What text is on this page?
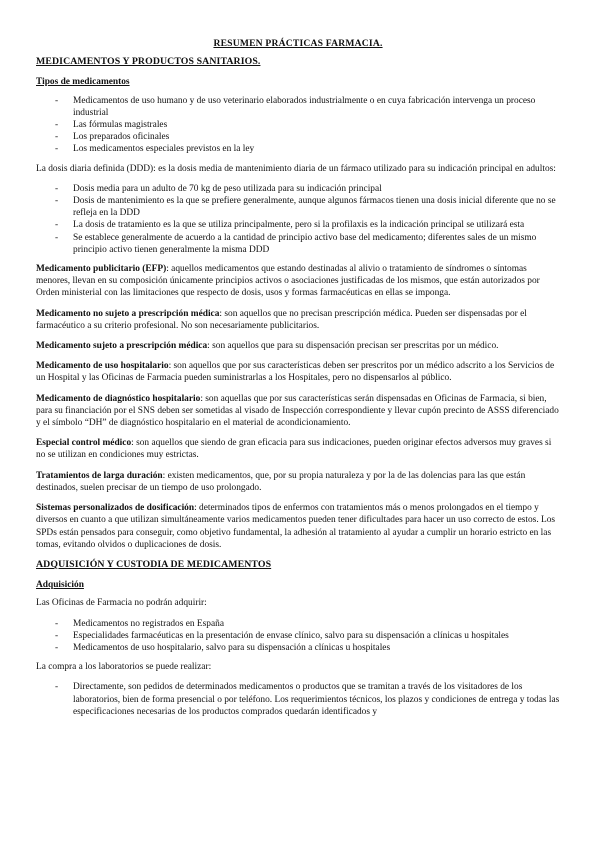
RESUMEN PRÁCTICAS FARMACIA.
MEDICAMENTOS Y PRODUCTOS SANITARIOS.
Tipos de medicamentos
- Medicamentos de uso humano y de uso veterinario elaborados industrialmente o en cuya fabricación intervenga un proceso industrial
- Las fórmulas magistrales
- Los preparados oficinales
- Los medicamentos especiales previstos en la ley

La dosis diaria definida (DDD): es la dosis media de mantenimiento diaria de un fármaco utilizado para su indicación principal en adultos:

- Dosis media para un adulto de 70 kg de peso utilizada para su indicación principal
- Dosis de mantenimiento es la que se prefiere generalmente, aunque algunos fármacos tienen una dosis inicial diferente que no se refleja en la DDD
- La dosis de tratamiento es la que se utiliza principalmente, pero si la profilaxis es la indicación principal se utilizará esta
- Se establece generalmente de acuerdo a la cantidad de principio activo base del medicamento; diferentes sales de un mismo principio activo tienen generalmente la misma DDD

Medicamento publicitario (EFP): aquellos medicamentos que estando destinadas al alivio o tratamiento de síndromes o síntomas menores, llevan en su composición únicamente principios activos o asociaciones justificadas de los mismos, que están autorizados por Orden ministerial con las limitaciones que respecto de dosis, usos y formas farmacéuticas en ellas se imponga.

Medicamento no sujeto a prescripción médica: son aquellos que no precisan prescripción médica. Pueden ser dispensadas por el farmacéutico a su criterio profesional. No son necesariamente publicitarios.

Medicamento sujeto a prescripción médica: son aquellos que para su dispensación precisan ser prescritas por un médico.

Medicamento de uso hospitalario: son aquellos que por sus características deben ser prescritos por un médico adscrito a los Servicios de un Hospital y las Oficinas de Farmacia pueden suministrarlas a los Hospitales, pero no dispensarlos al público.

Medicamento de diagnóstico hospitalario: son aquellas que por sus características serán dispensadas en Oficinas de Farmacia, si bien, para su financiación por el SNS deben ser sometidas al visado de Inspección correspondiente y llevar cupón precinto de ASSS diferenciado y el símbolo “DH” de diagnóstico hospitalario en el material de acondicionamiento.

Especial control médico: son aquellos que siendo de gran eficacia para sus indicaciones, pueden originar efectos adversos muy graves si no se utilizan en condiciones muy estrictas.

Tratamientos de larga duración: existen medicamentos, que, por su propia naturaleza y por la de las dolencias para las que están destinados, suelen precisar de un tiempo de uso prolongado.

Sistemas personalizados de dosificación: determinados tipos de enfermos con tratamientos más o menos prolongados en el tiempo y diversos en cuanto a que utilizan simultáneamente varios medicamentos pueden tener dificultades para hacer un uso correcto de estos. Los SPDs están pensados para conseguir, como objetivo fundamental, la adhesión al tratamiento al ayudar a cumplir un horario estricto en las tomas, evitando olvidos o duplicaciones de dosis.

ADQUISICIÓN Y CUSTODIA DE MEDICAMENTOS
Adquisición

Las Oficinas de Farmacia no podrán adquirir:

- Medicamentos no registrados en España
- Especialidades farmacéuticas en la presentación de envase clínico, salvo para su dispensación a clínicas u hospitales
- Medicamentos de uso hospitalario, salvo para su dispensación a clínicas u hospitales

La compra a los laboratorios se puede realizar:

- Directamente, son pedidos de determinados medicamentos o productos que se tramitan a través de los visitadores de los laboratorios, bien de forma presencial o por teléfono. Los requerimientos técnicos, los plazos y condiciones de entrega y todas las especificaciones necesarias de los productos comprados quedarán identificados y
